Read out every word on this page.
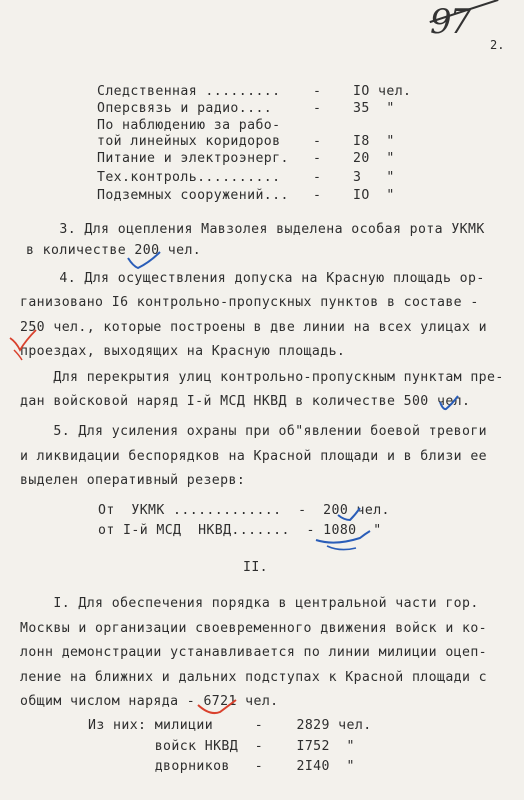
97
2.
Следственная ......... - IO чел.
Оперсвязь и радио....	- 35  "
По наблюдению за рабо-
той линейных коридоров - I8  "
Питание и электроэнерг. - 20  "
Тех.контроль.......... - 3   "
Подземных сооружений... - IO  "
3. Для оцепления Мавзолея выделена особая рота УКМК
в количестве 200 чел.
4. Для осуществления допуска на Красную площадь ор-
ганизовано I6 контрольно-пропускных пунктов в составе -
250 чел., которые построены в две линии на всех улицах и
проездах, выходящих на Красную площадь.
Для перекрытия улиц контрольно-пропускным пунктам пре-
дан войсковой наряд I-й МСД НКВД в количестве 500 чел.
5. Для усиления охраны при об"явлении боевой тревоги
и ликвидации беспорядков на Красной площади и в близи ее
выделен оперативный резерв:
От  УКМК .............  -  200 чел.
от I-й МСД  НКВД.......  - 1080  "
II.
I. Для обеспечения порядка в центральной части гор.
Москвы и организации своевременного движения войск и ко-
лонн демонстрации устанавливается по линии милиции оцеп-
ление на ближних и дальних подступах к Красной площади с
общим числом наряда - 6721 чел.
Из них: милиции     -    2829 чел.
войск НКВД  -    I752  "
дворников   -    2I40  "
